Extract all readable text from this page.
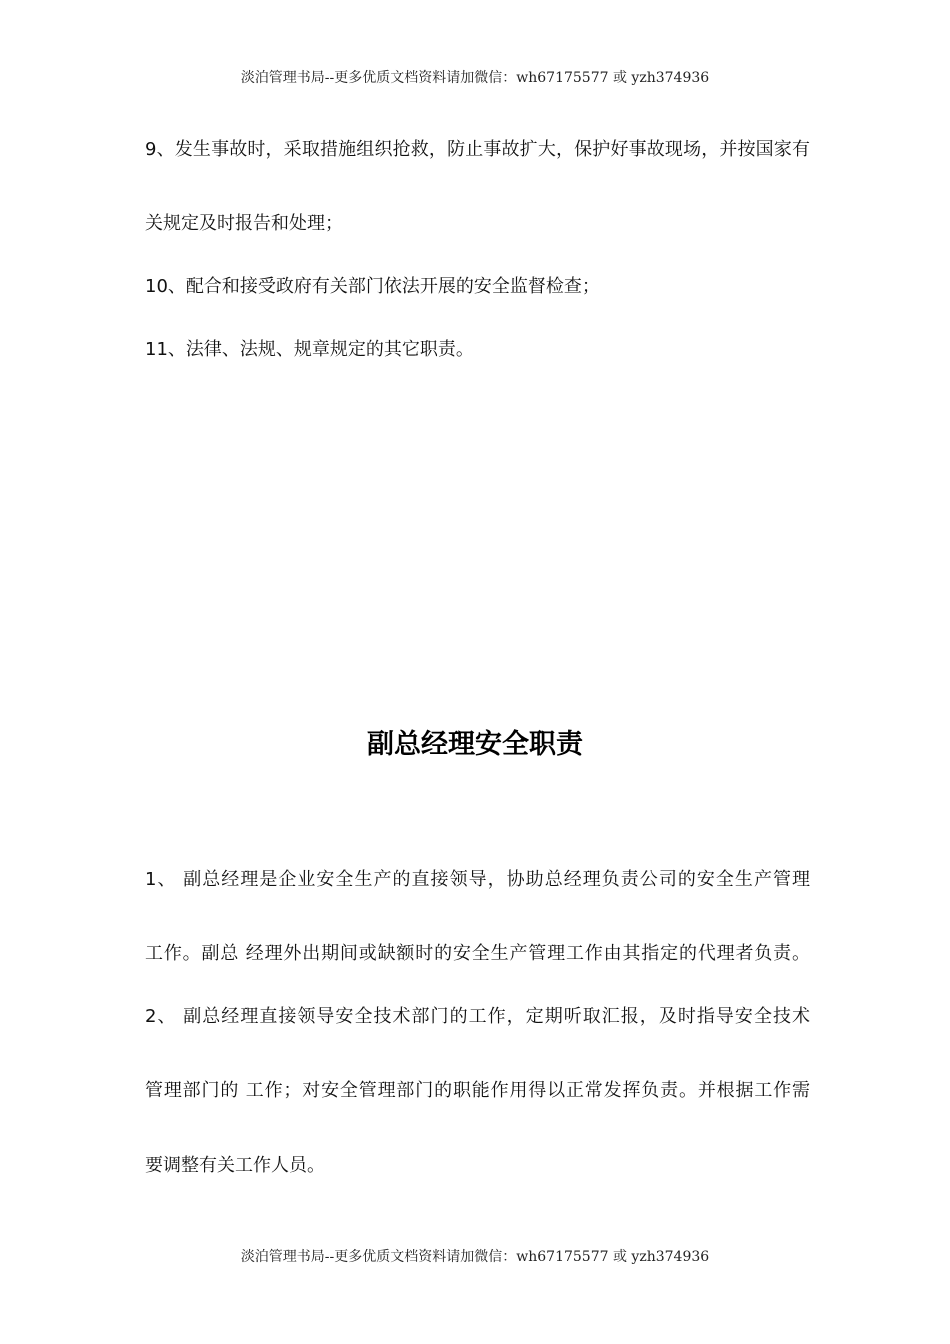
淡泊管理书局--更多优质文档资料请加微信：wh67175577 或 yzh374936
9、发生事故时，采取措施组织抢救，防止事故扩大，保护好事故现场，并按国家有
关规定及时报告和处理；
10、配合和接受政府有关部门依法开展的安全监督检查；
11、法律、法规、规章规定的其它职责。
副总经理安全职责
1、 副总经理是企业安全生产的直接领导，协助总经理负责公司的安全生产管理
工作。副总 经理外出期间或缺额时的安全生产管理工作由其指定的代理者负责。
2、 副总经理直接领导安全技术部门的工作，定期听取汇报，及时指导安全技术
管理部门的 工作；对安全管理部门的职能作用得以正常发挥负责。并根据工作需
要调整有关工作人员。
淡泊管理书局--更多优质文档资料请加微信：wh67175577 或 yzh374936
